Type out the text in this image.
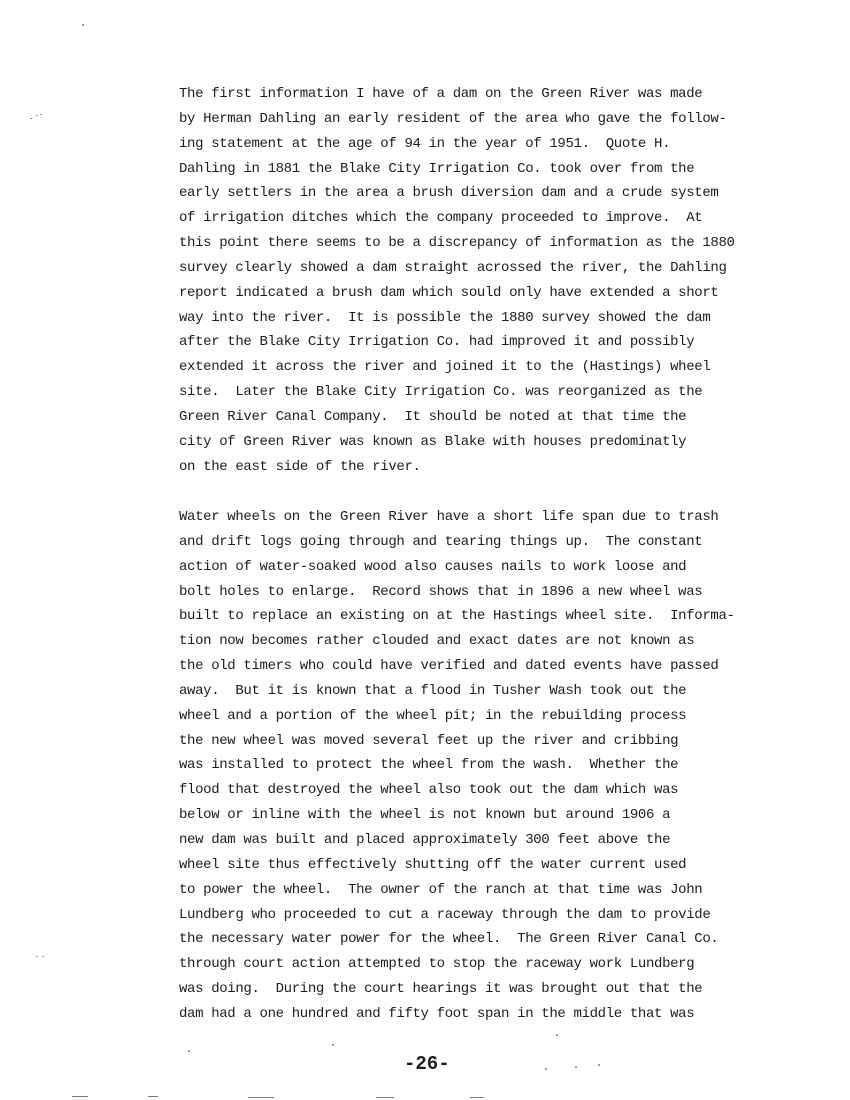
The first information I have of a dam on the Green River was made
by Herman Dahling an early resident of the area who gave the follow-
ing statement at the age of 94 in the year of 1951.  Quote H.
Dahling in 1881 the Blake City Irrigation Co. took over from the
early settlers in the area a brush diversion dam and a crude system
of irrigation ditches which the company proceeded to improve.  At
this point there seems to be a discrepancy of information as the 1880
survey clearly showed a dam straight acrossed the river, the Dahling
report indicated a brush dam which sould only have extended a short
way into the river.  It is possible the 1880 survey showed the dam
after the Blake City Irrigation Co. had improved it and possibly
extended it across the river and joined it to the (Hastings) wheel
site.  Later the Blake City Irrigation Co. was reorganized as the
Green River Canal Company.  It should be noted at that time the
city of Green River was known as Blake with houses predominatly
on the east side of the river.
Water wheels on the Green River have a short life span due to trash
and drift logs going through and tearing things up.  The constant
action of water-soaked wood also causes nails to work loose and
bolt holes to enlarge.  Record shows that in 1896 a new wheel was
built to replace an existing on at the Hastings wheel site.  Informa-
tion now becomes rather clouded and exact dates are not known as
the old timers who could have verified and dated events have passed
away.  But it is known that a flood in Tusher Wash took out the
wheel and a portion of the wheel pit; in the rebuilding process
the new wheel was moved several feet up the river and cribbing
was installed to protect the wheel from the wash.  Whether the
flood that destroyed the wheel also took out the dam which was
below or inline with the wheel is not known but around 1906 a
new dam was built and placed approximately 300 feet above the
wheel site thus effectively shutting off the water current used
to power the wheel.  The owner of the ranch at that time was John
Lundberg who proceeded to cut a raceway through the dam to provide
the necessary water power for the wheel.  The Green River Canal Co.
through court action attempted to stop the raceway work Lundberg
was doing.  During the court hearings it was brought out that the
dam had a one hundred and fifty foot span in the middle that was
-26-
